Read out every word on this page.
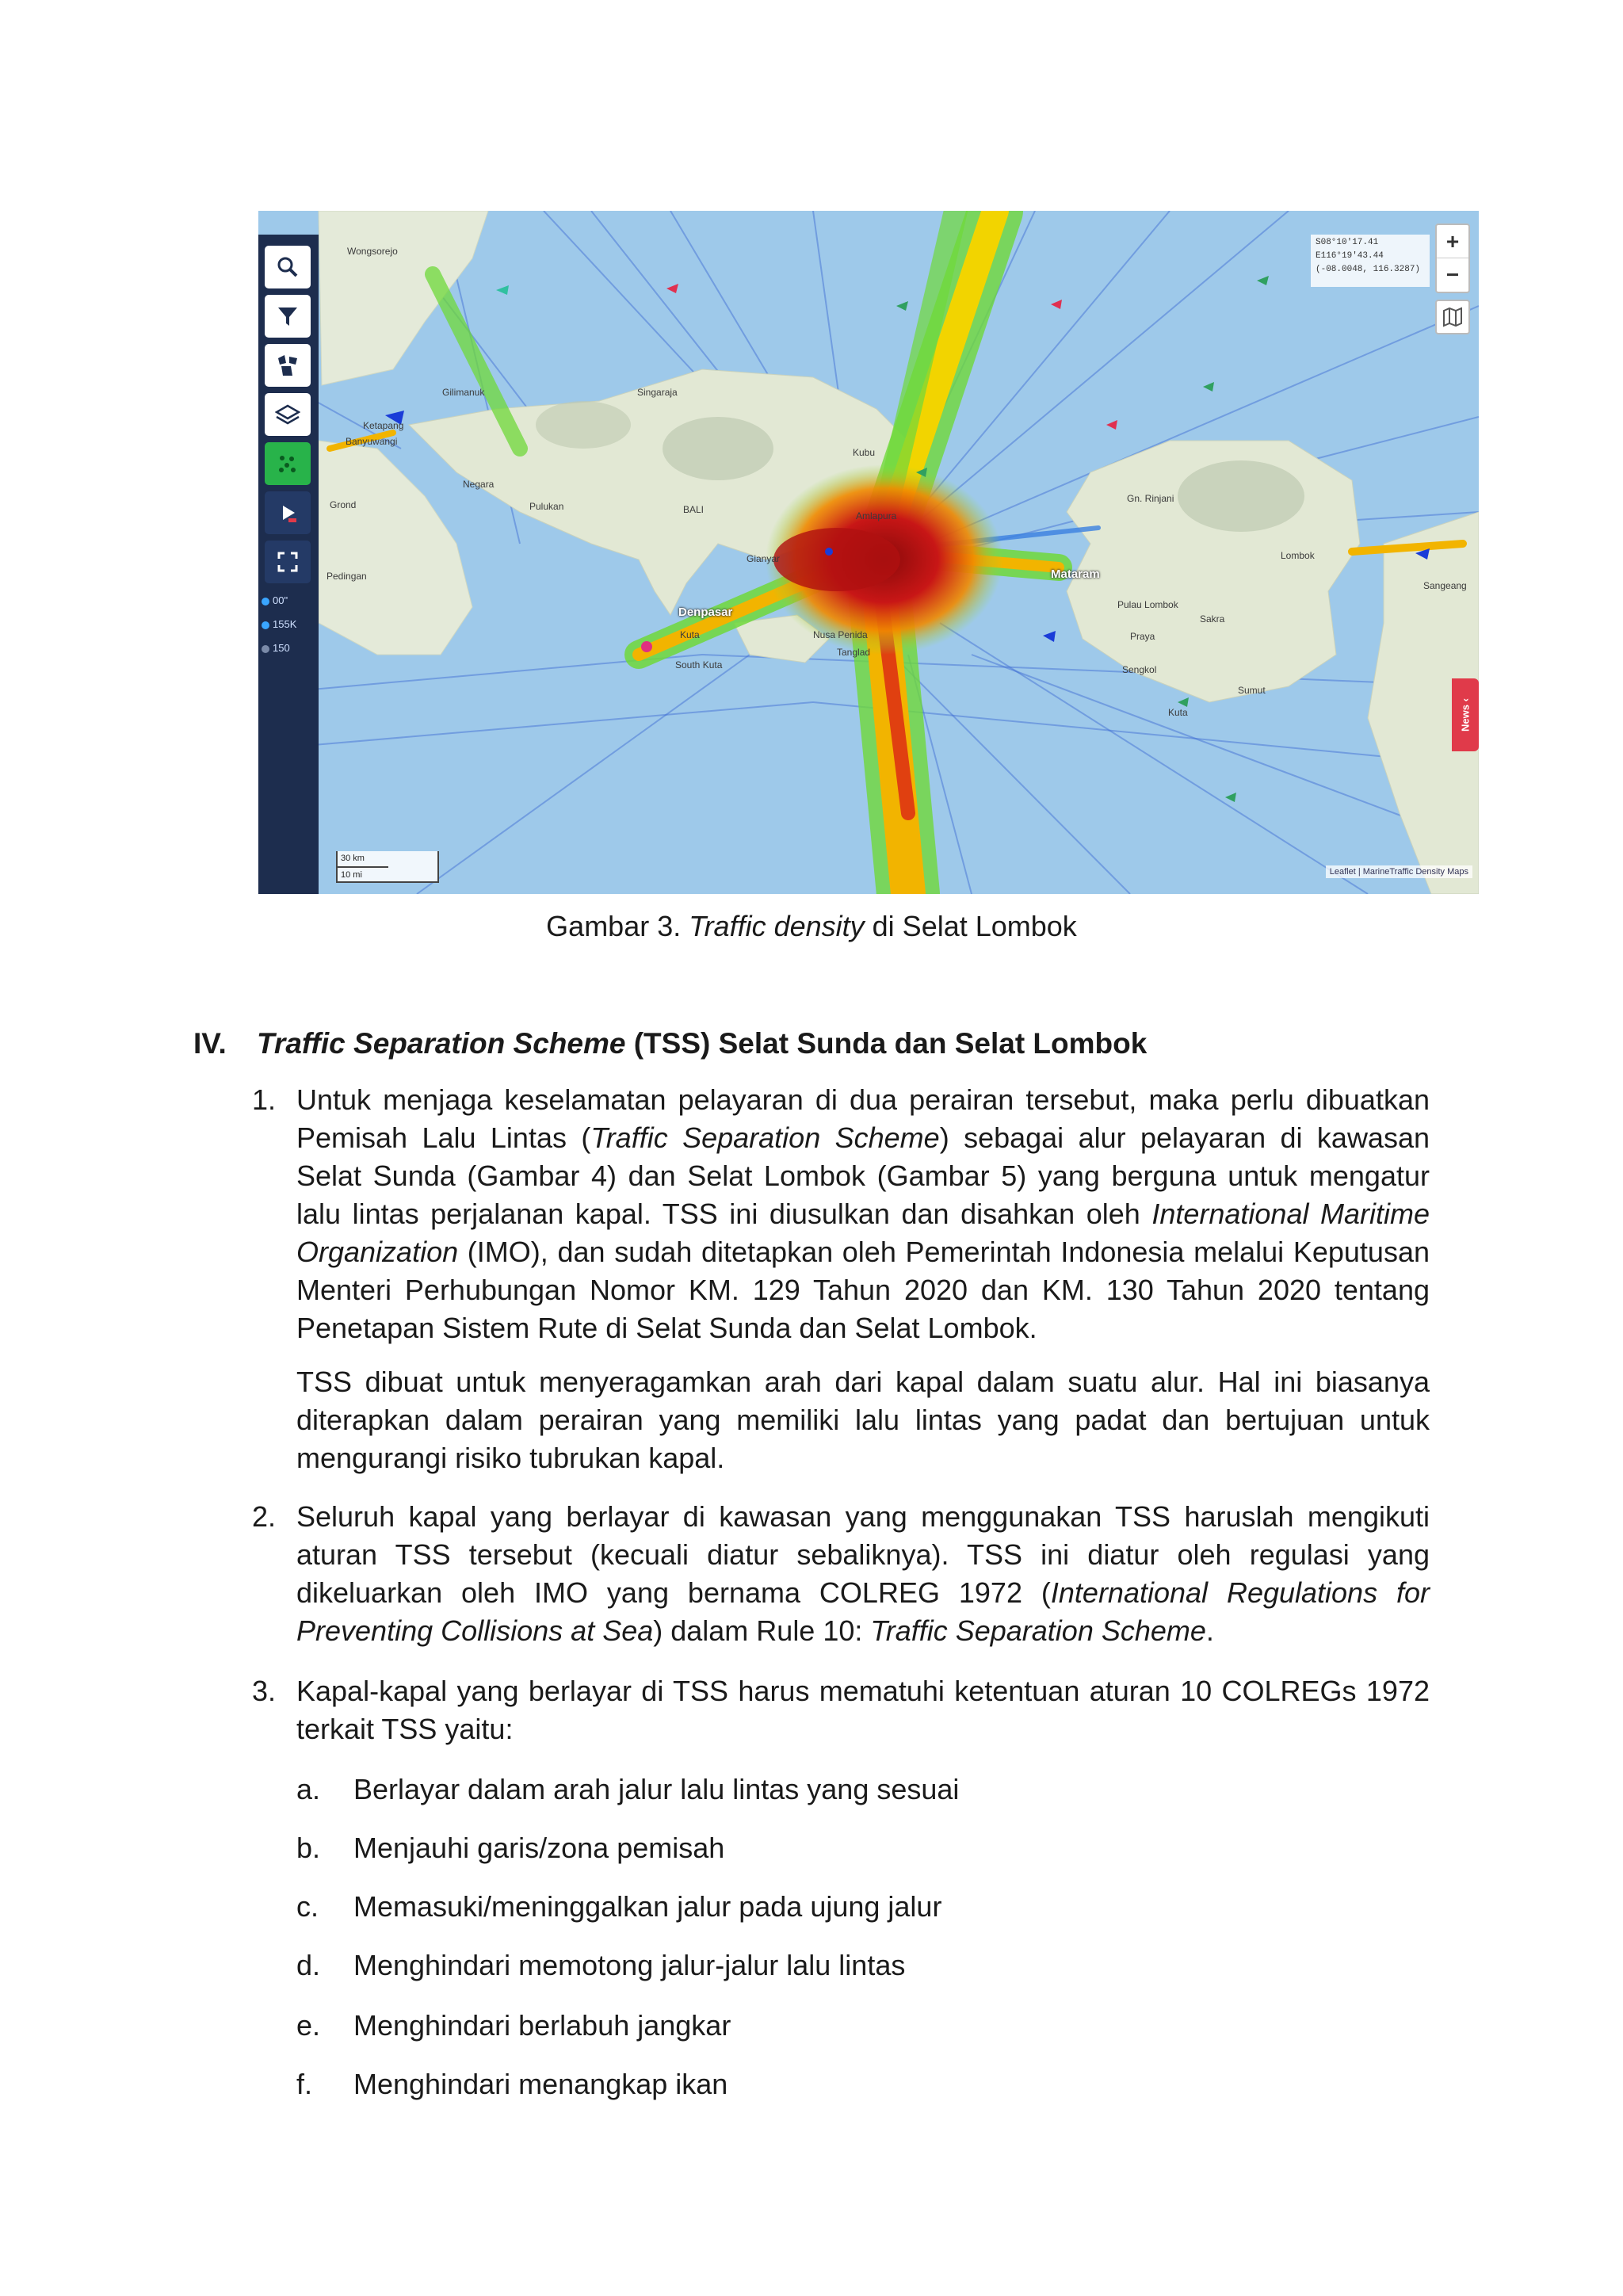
Wongsorejo
Ketapang
Banyuwangi
Grond
Pedingan
Negara
Pulukan
Singaraja
Gilimanuk
BALI
Gianyar
Amlapura
Kubu
Denpasar
Kuta
South Kuta
Nusa Penida
Tanglad
Mataram
Pulau Lombok
Sakra
Praya
Sengkol
Kuta
Sumut
Gn. Rinjani
Lombok
Sangeang
00"
155K
150
S08°10'17.41
E116°19'43.44
(-08.0048, 116.3287)
+
−
News ‹
30 km
10 mi	Leaflet | MarineTraffic Density Maps
Gambar 3. Traffic density di Selat Lombok
IV. Traffic Separation Scheme (TSS) Selat Sunda dan Selat Lombok
1. Untuk menjaga keselamatan pelayaran di dua perairan tersebut, maka perlu dibuatkan Pemisah Lalu Lintas (Traffic Separation Scheme) sebagai alur pelayaran di kawasan Selat Sunda (Gambar 4) dan Selat Lombok (Gambar 5) yang berguna untuk mengatur lalu lintas perjalanan kapal. TSS ini diusulkan dan disahkan oleh International Maritime Organization (IMO), dan sudah ditetapkan oleh Pemerintah Indonesia melalui Keputusan Menteri Perhubungan Nomor KM. 129 Tahun 2020 dan KM. 130 Tahun 2020 tentang Penetapan Sistem Rute di Selat Sunda dan Selat Lombok.
TSS dibuat untuk menyeragamkan arah dari kapal dalam suatu alur. Hal ini biasanya diterapkan dalam perairan yang memiliki lalu lintas yang padat dan bertujuan untuk mengurangi risiko tubrukan kapal.
2. Seluruh kapal yang berlayar di kawasan yang menggunakan TSS haruslah mengikuti aturan TSS tersebut (kecuali diatur sebaliknya). TSS ini diatur oleh regulasi yang dikeluarkan oleh IMO yang bernama COLREG 1972 (International Regulations for Preventing Collisions at Sea) dalam Rule 10: Traffic Separation Scheme.
3. Kapal-kapal yang berlayar di TSS harus mematuhi ketentuan aturan 10 COLREGs 1972 terkait TSS yaitu:
a. Berlayar dalam arah jalur lalu lintas yang sesuai
b. Menjauhi garis/zona pemisah
c. Memasuki/meninggalkan jalur pada ujung jalur
d. Menghindari memotong jalur-jalur lalu lintas
e. Menghindari berlabuh jangkar
f. Menghindari menangkap ikan
